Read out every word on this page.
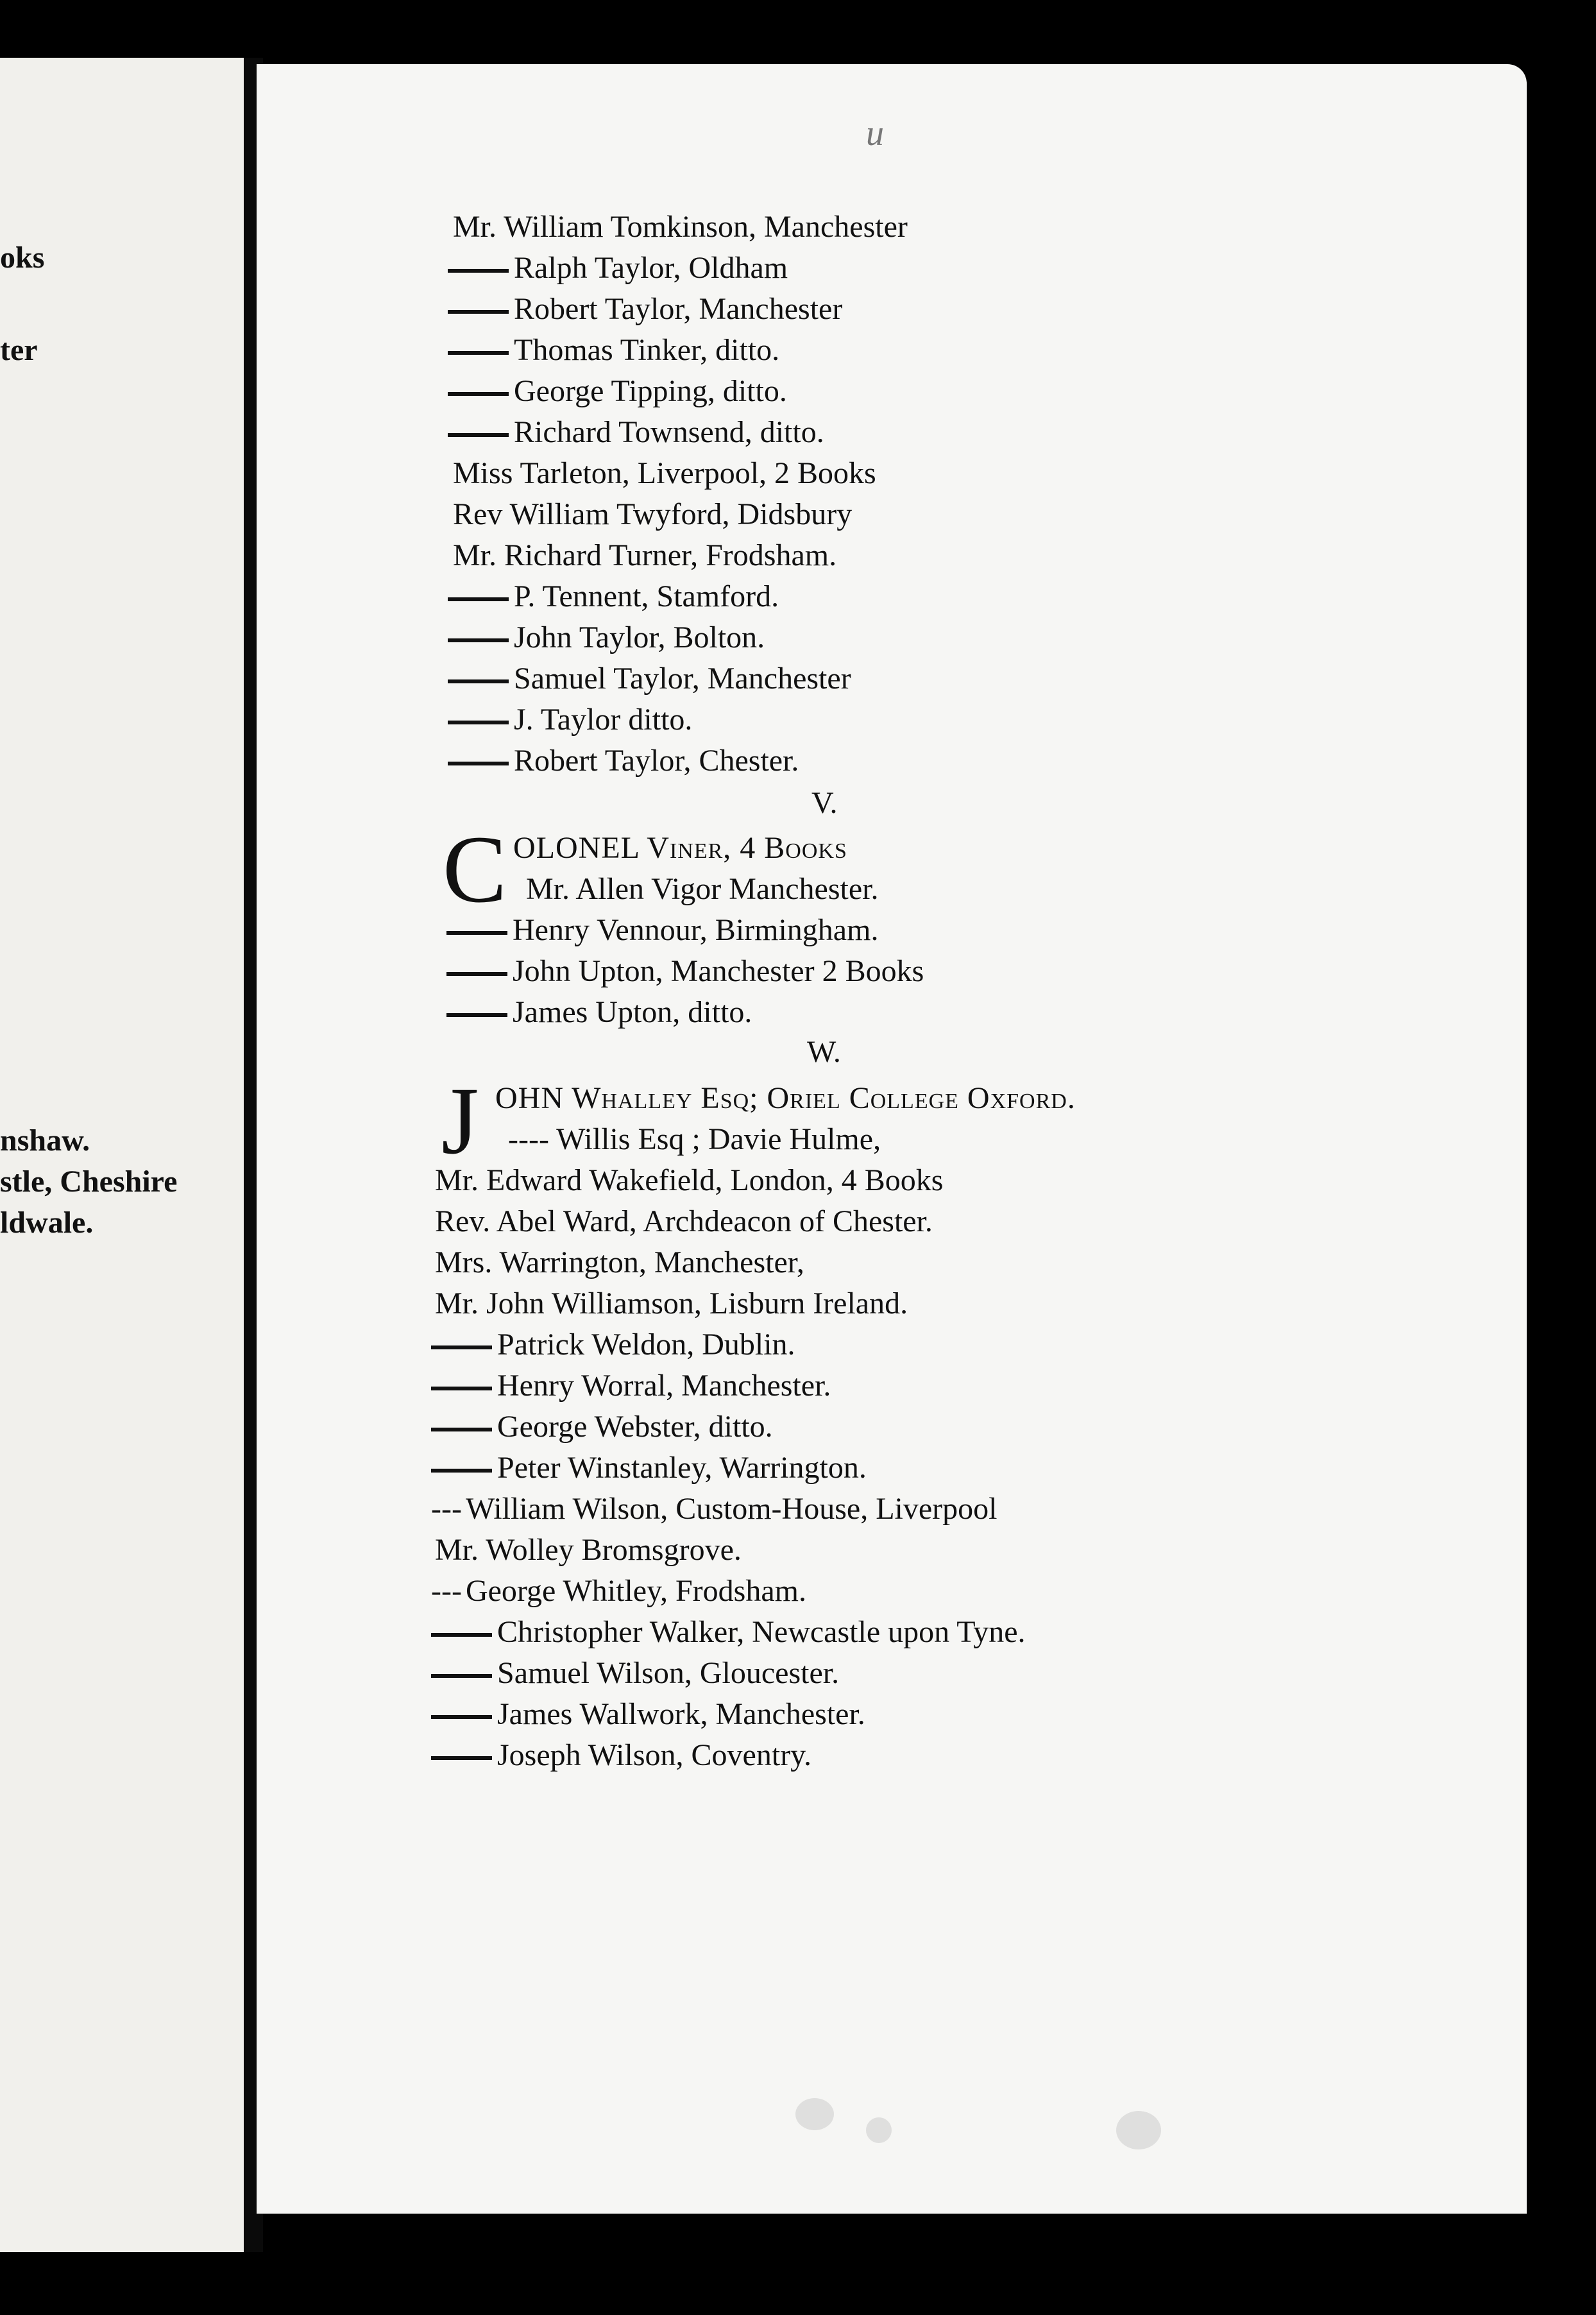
oks
ter
nshaw.
stle, Cheshire
ldwale.
u
Mr. William Tomkinson, Manchester
Ralph Taylor, Oldham
Robert Taylor, Manchester
Thomas Tinker, ditto.
George Tipping, ditto.
Richard Townsend, ditto.
Miss Tarleton, Liverpool, 2 Books
Rev William Twyford, Didsbury
Mr. Richard Turner, Frodsham.
P. Tennent, Stamford.
John Taylor, Bolton.
Samuel Taylor, Manchester
J. Taylor ditto.
Robert Taylor, Chester.
V.
C OLONEL Viner, 4 Books
Mr. Allen Vigor Manchester.
Henry Vennour, Birmingham.
John Upton, Manchester 2 Books
James Upton, ditto.
W.
J OHN Whalley Esq; Oriel College Oxford.
---- Willis Esq ; Davie Hulme,
Mr. Edward Wakefield, London, 4 Books
Rev. Abel Ward, Archdeacon of Chester.
Mrs. Warrington, Manchester,
Mr. John Williamson, Lisburn Ireland.
Patrick Weldon, Dublin.
Henry Worral, Manchester.
George Webster, ditto.
Peter Winstanley, Warrington.
---William Wilson, Custom-House, Liverpool
Mr. Wolley Bromsgrove.
---George Whitley, Frodsham.
Christopher Walker, Newcastle upon Tyne.
Samuel Wilson, Gloucester.
James Wallwork, Manchester.
Joseph Wilson, Coventry.
